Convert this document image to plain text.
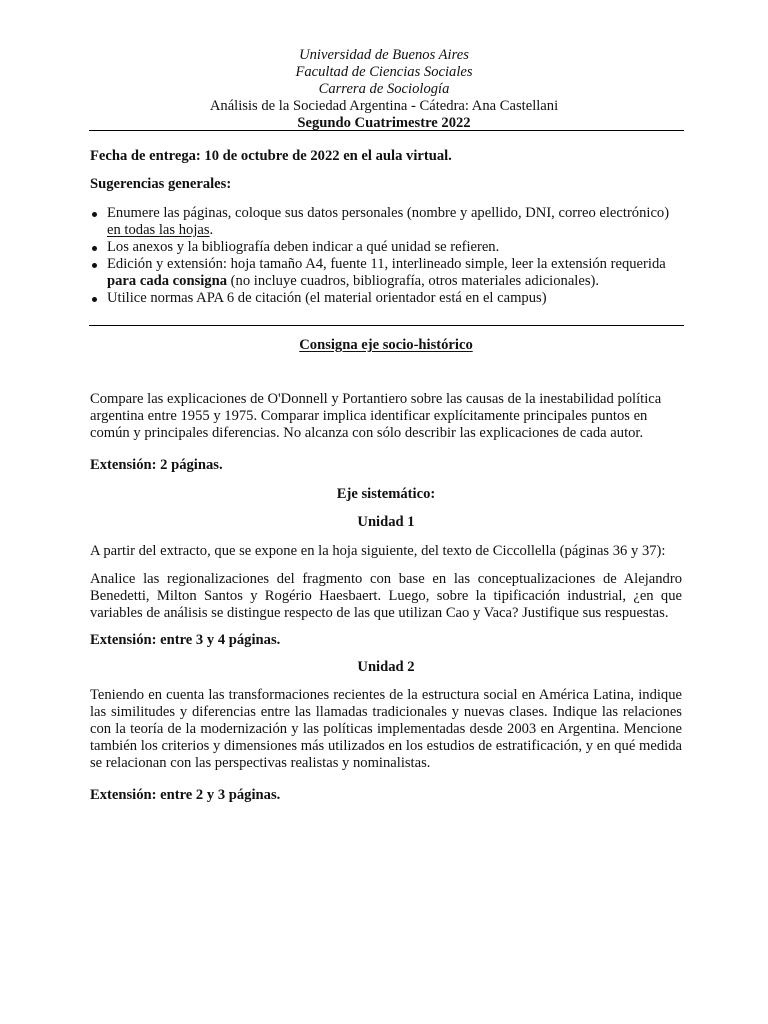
Universidad de Buenos Aires
Facultad de Ciencias Sociales
Carrera de Sociología
Análisis de la Sociedad Argentina - Cátedra: Ana Castellani
Segundo Cuatrimestre 2022
Fecha de entrega: 10 de octubre de 2022 en el aula virtual.
Sugerencias generales:
Enumere las páginas, coloque sus datos personales (nombre y apellido, DNI, correo electrónico) en todas las hojas.
Los anexos y la bibliografía deben indicar a qué unidad se refieren.
Edición y extensión: hoja tamaño A4, fuente 11, interlineado simple, leer la extensión requerida para cada consigna (no incluye cuadros, bibliografía, otros materiales adicionales).
Utilice normas APA 6 de citación (el material orientador está en el campus)
Consigna eje socio-histórico
Compare las explicaciones de O'Donnell y Portantiero sobre las causas de la inestabilidad política argentina entre 1955 y 1975. Comparar implica identificar explícitamente principales puntos en común y principales diferencias. No alcanza con sólo describir las explicaciones de cada autor.
Extensión: 2 páginas.
Eje sistemático:
Unidad 1
A partir del extracto, que se expone en la hoja siguiente, del texto de Ciccollella (páginas 36 y 37):
Analice las regionalizaciones del fragmento con base en las conceptualizaciones de Alejandro Benedetti, Milton Santos y Rogério Haesbaert. Luego, sobre la tipificación industrial, ¿en que variables de análisis se distingue respecto de las que utilizan Cao y Vaca? Justifique sus respuestas.
Extensión: entre 3 y 4 páginas.
Unidad 2
Teniendo en cuenta las transformaciones recientes de la estructura social en América Latina, indique las similitudes y diferencias entre las llamadas tradicionales y nuevas clases. Indique las relaciones con la teoría de la modernización y las políticas implementadas desde 2003 en Argentina. Mencione también los criterios y dimensiones más utilizados en los estudios de estratificación, y en qué medida se relacionan con las perspectivas realistas y nominalistas.
Extensión: entre 2 y 3 páginas.
